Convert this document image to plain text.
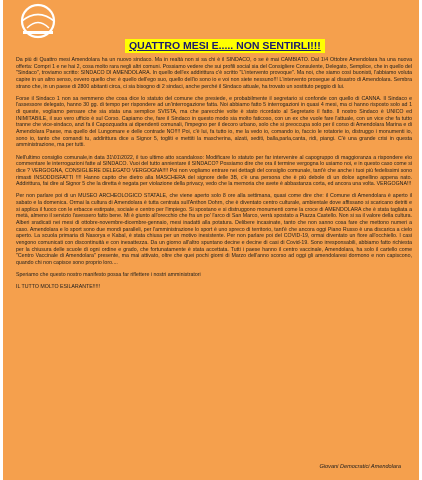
QUATTRO MESI E..... NON SENTIRLI!!!

Da più di Quattro mesi Amendolara ha un nuovo sindaco. Ma in realtà non si sa chi è il SINDACO, o se è mai CAMBIATO. Dal 1\4 Ottobre Amendolara ha una nuova offerta: Compri 1 e ne hai 2, cosa molto rara negli altri comuni. Possiamo vedere che sui profili social sia del Consigliere Consulente, Delegato, Semplice, che in quello del "Sindaco", troviamo scritto: SINDACO DI AMENDOLARA. In quello dell'ex addirittura c'è scritto "L'intervento provoque". Ma noi, che siamo così buonisti, l'abbiamo voluta capire in un altro senso, ovvero quello che: è quello dell'ego suo, quello dell'io sono io e voi non siete nessuno!!! L'intervento prosegue al disastro di Amendolara. Sembra strano che, in un paese di 2800 abitanti circa, ci sia bisogno di 2 sindaci, anche perché il Sindaco attuale, ha trovato un sostituto peggio di lui.

Forse il Sindaco 1 non sa nemmeno che cosa dice lo statuto del comune che presiede, e probabilmente il segretario si confonde con quello di CANNA. Il Sindaco e l'assessore delegato, hanno 30 gg. di tempo per rispondere ad un'interrogazione fatta. Noi abbiamo fatto 5 interrogazioni in quasi 4 mesi, ma ci hanno risposto solo ad 1 di queste, vogliamo pensare che sia stata una semplice SVISTA, ma che parecchie volte è stato ricordato al Segretario il fatto. Il nostro Sindaco è UNICO ed INIMITABILE, il suo vero ufficio è sul Corso. Capiamo che, fare il Sindaco in questo modo sia molto faticoso, con un ex che vuole fare l'attuale, con un vice che fa tutto tranne che vice-sindaco, anzi fa il Capozquadra ai dipendenti comunali, l'impegno per il decoro urbano, solo che si preoccupa solo per il corso di Amendolara Marina e di Amendolara Paese, ma quello del Lungomare e delle contrade NO!!!! Poi, c'è lui, fa tutto io, me la vedo io, comando io, faccio le rotatorie io, distruggo i monumenti io, sono io, tanto che comandi tu, addirittura dice a Signor 5, togliti e mettiti la mascherina, alzati, sediti, balla,parla,canta, ridi, piangi. C'è una grande crisi in questa amministrazione, ma per tutti.

Nell'ultimo consiglio comunale,in data 31\01\2022, il tuo ultimo atto scandaloso: Modificare lo statuto per far intervenire al capogruppo di maggioranza a rispondere e\o commentare le interrogazioni fatte al SINDACO. Vuoi del tutto annientare il SINDACO? Possiamo dire che ora il termine vergogna lo usiamo noi, e in questo caso come si dice ? VERGOGNA, CONSIGLIERE DELEGATO VERGOGNA!!!! Poi non vogliamo entrare nei dettagli del consiglio comunale, tant'è che anche i tuoi più fedelissimi sono rimasti INSODDISFATTI !!!! Hanno capito che dietro alla MASCHERA del signore delle 3B, c'è una persona che è più debole di un dolce agnellino appena nato. Addirittura, fai dire al Signor 5 che la diretta è negata per violazione della privacy, vedo che la memoria che avete è abbastanza corta, ed ancora una volta. VERGOGNA!!!

Per non parlare poi di un MUSEO ARCHEOLOGICO STATALE, che viene aperto solo 8 ore alla settimana, quasi come dire che: il Comune di Amendolara è aperto il sabato e la domenica. Ormai la cultura di Amendolara è tutta centrata sull'Anthon Dohrn, che è diventato centro culturale, ambientale dove affissano si scaricano detriti e si applica il fuoco con le erbacce estirpate, sociale e centro per l'impiego. Si spostano e si distruggono monumenti come la croce di AMENDOLARA che è stata tagliata a metà, almeno il servizio l'avessero fatto bene. Mi è giunto all'orecchio che fra un po' l'arco di San Marco, verrà spostato a Piazza Castello. Non si sa il valore della cultura. Alberi sradicati nei mesi di ottobre-novembre-dicembre-gennaio, mesi inadatti alla potatura. Delibere incasinate, tanto che non sanno cosa fare che mettono numeri a caso. Amendolara e lo sport sono due mondi paralleli, per l'amministrazione lo sport è uno spreco di territorio, tant'è che ancora oggi Piano Russo è una discarica a cielo aperto. La scuola primaria di Nasorya e Kabal, è stata chiusa per un motivo inesistente. Per non parlare poi del COVID-19, ormai diventato un fiore all'occhiello. I casi vengono comunicati con discontinuità e con inesattezza. Da un giorno all'altro spuntano decine e decine di casi di Covid-19. Sono irresponsabili, abbiamo fatto richiesta per la chiusura delle scuole di ogni ordine e grado, che fortunatamente è stata accettata. Tutti i paese hanno il centro vaccinale, Amendolara, ha solo il cartello come "Centro Vaccinale di Amendolara" presente, ma mai attivato, oltre che quei pochi giorni di Marzo dell'anno scorso ad oggi gli amendolaresi dormono e non capiscono, quando chi non capisce sono proprio loro....

Speriamo che questo nostro manifesto possa far riflettere i nostri amministratori

IL TUTTO MOLTO ESILARANTE!!!!!

Giovani Democratici Amendolara
